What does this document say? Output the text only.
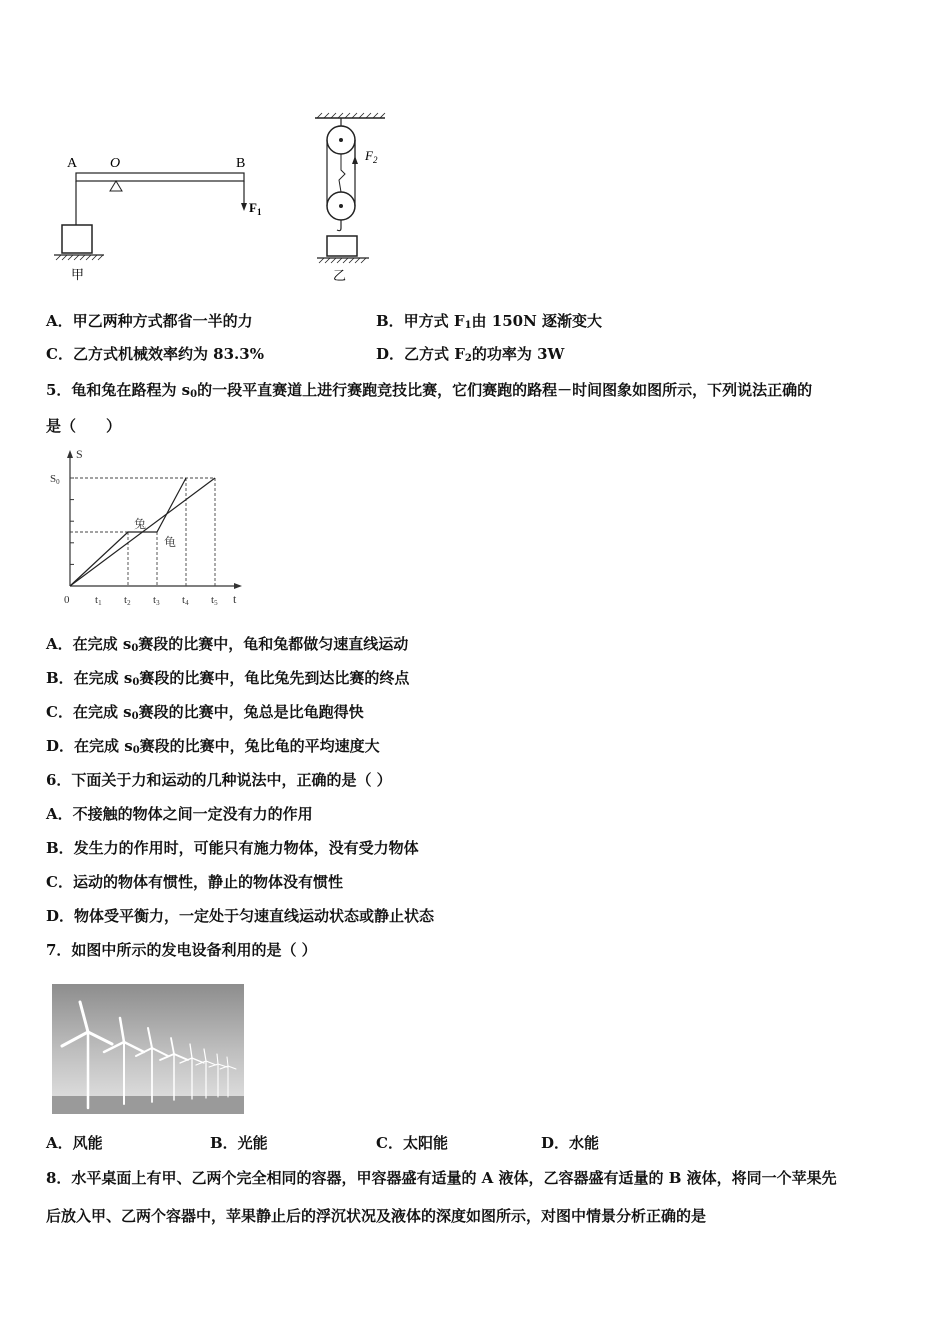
A O	B
$F_1$
甲
$F_2$
乙
A．甲乙两种方式都省一半的力	B．甲方式 $F_1$由 150N 逐渐变大
C．乙方式机械效率约为 83.3%	D．乙方式 $F_2$的功率为 3W
5．龟和兔在路程为 $s_0$的一段平直赛道上进行赛跑竞技比赛，它们赛跑的路程－时间图象如图所示，下列说法正确的
是（　　）
0 t1 t2 t3 t4 t5
S
t
S0
兔
龟
A．在完成 $s_0$赛段的比赛中，龟和兔都做匀速直线运动
B．在完成 $s_0$赛段的比赛中，龟比兔先到达比赛的终点
C．在完成 $s_0$赛段的比赛中，兔总是比龟跑得快
D．在完成 $s_0$赛段的比赛中，兔比龟的平均速度大
6．下面关于力和运动的几种说法中，正确的是（ ）
A．不接触的物体之间一定没有力的作用
B．发生力的作用时，可能只有施力物体，没有受力物体
C．运动的物体有惯性，静止的物体没有惯性
D．物体受平衡力，一定处于匀速直线运动状态或静止状态
7．如图中所示的发电设备利用的是（ ）
A．风能	B．光能	C．太阳能	D．水能
8．水平桌面上有甲、乙两个完全相同的容器，甲容器盛有适量的 A 液体，乙容器盛有适量的 B 液体，将同一个苹果先
后放入甲、乙两个容器中，苹果静止后的浮沉状况及液体的深度如图所示，对图中情景分析正确的是
